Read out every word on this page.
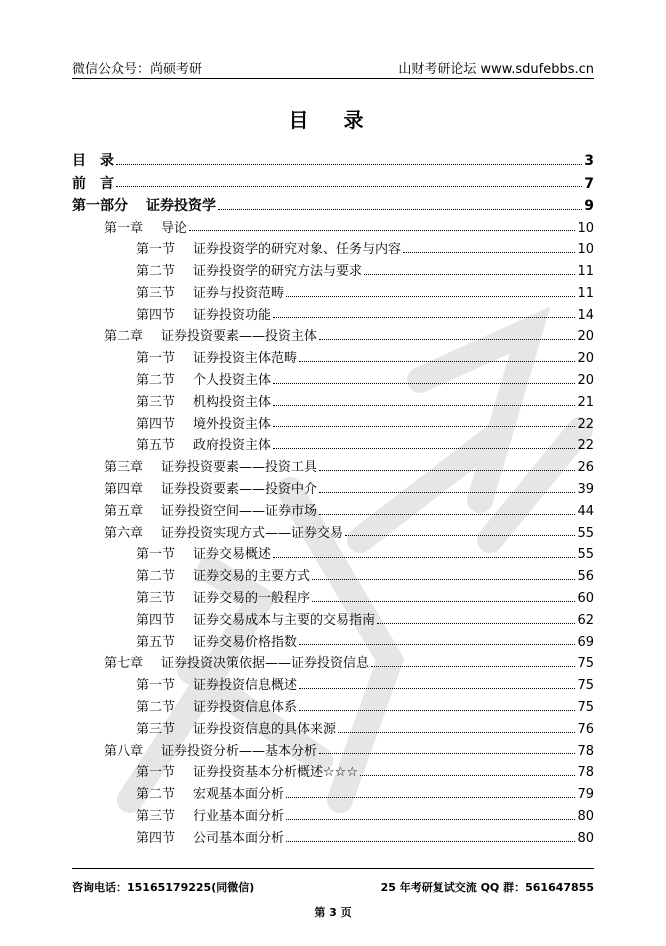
微信公众号：尚硕考研	山财考研论坛 www.sdufebbs.cn
目 录
目　录	3
前　言	7
第一部分 证券投资学	9
第一章 导论	10
第一节 证券投资学的研究对象、任务与内容	10
第二节 证券投资学的研究方法与要求	11
第三节 证券与投资范畴	11
第四节 证券投资功能	14
第二章 证券投资要素——投资主体	20
第一节 证券投资主体范畴	20
第二节 个人投资主体	20
第三节 机构投资主体	21
第四节 境外投资主体	22
第五节 政府投资主体	22
第三章 证券投资要素——投资工具	26
第四章 证券投资要素——投资中介	39
第五章 证券投资空间——证券市场	44
第六章 证券投资实现方式——证券交易	55
第一节 证券交易概述	55
第二节 证券交易的主要方式	56
第三节 证券交易的一般程序	60
第四节 证券交易成本与主要的交易指南	62
第五节 证券交易价格指数	69
第七章 证券投资决策依据——证券投资信息	75
第一节 证券投资信息概述	75
第二节 证券投资信息体系	75
第三节 证券投资信息的具体来源	76
第八章 证券投资分析——基本分析	78
第一节 证券投资基本分析概述☆☆☆	78
第二节 宏观基本面分析	79
第三节 行业基本面分析	80
第四节 公司基本面分析	80
咨询电话：15165179225(同微信)	25 年考研复试交流 QQ 群：561647855
第 3 页
